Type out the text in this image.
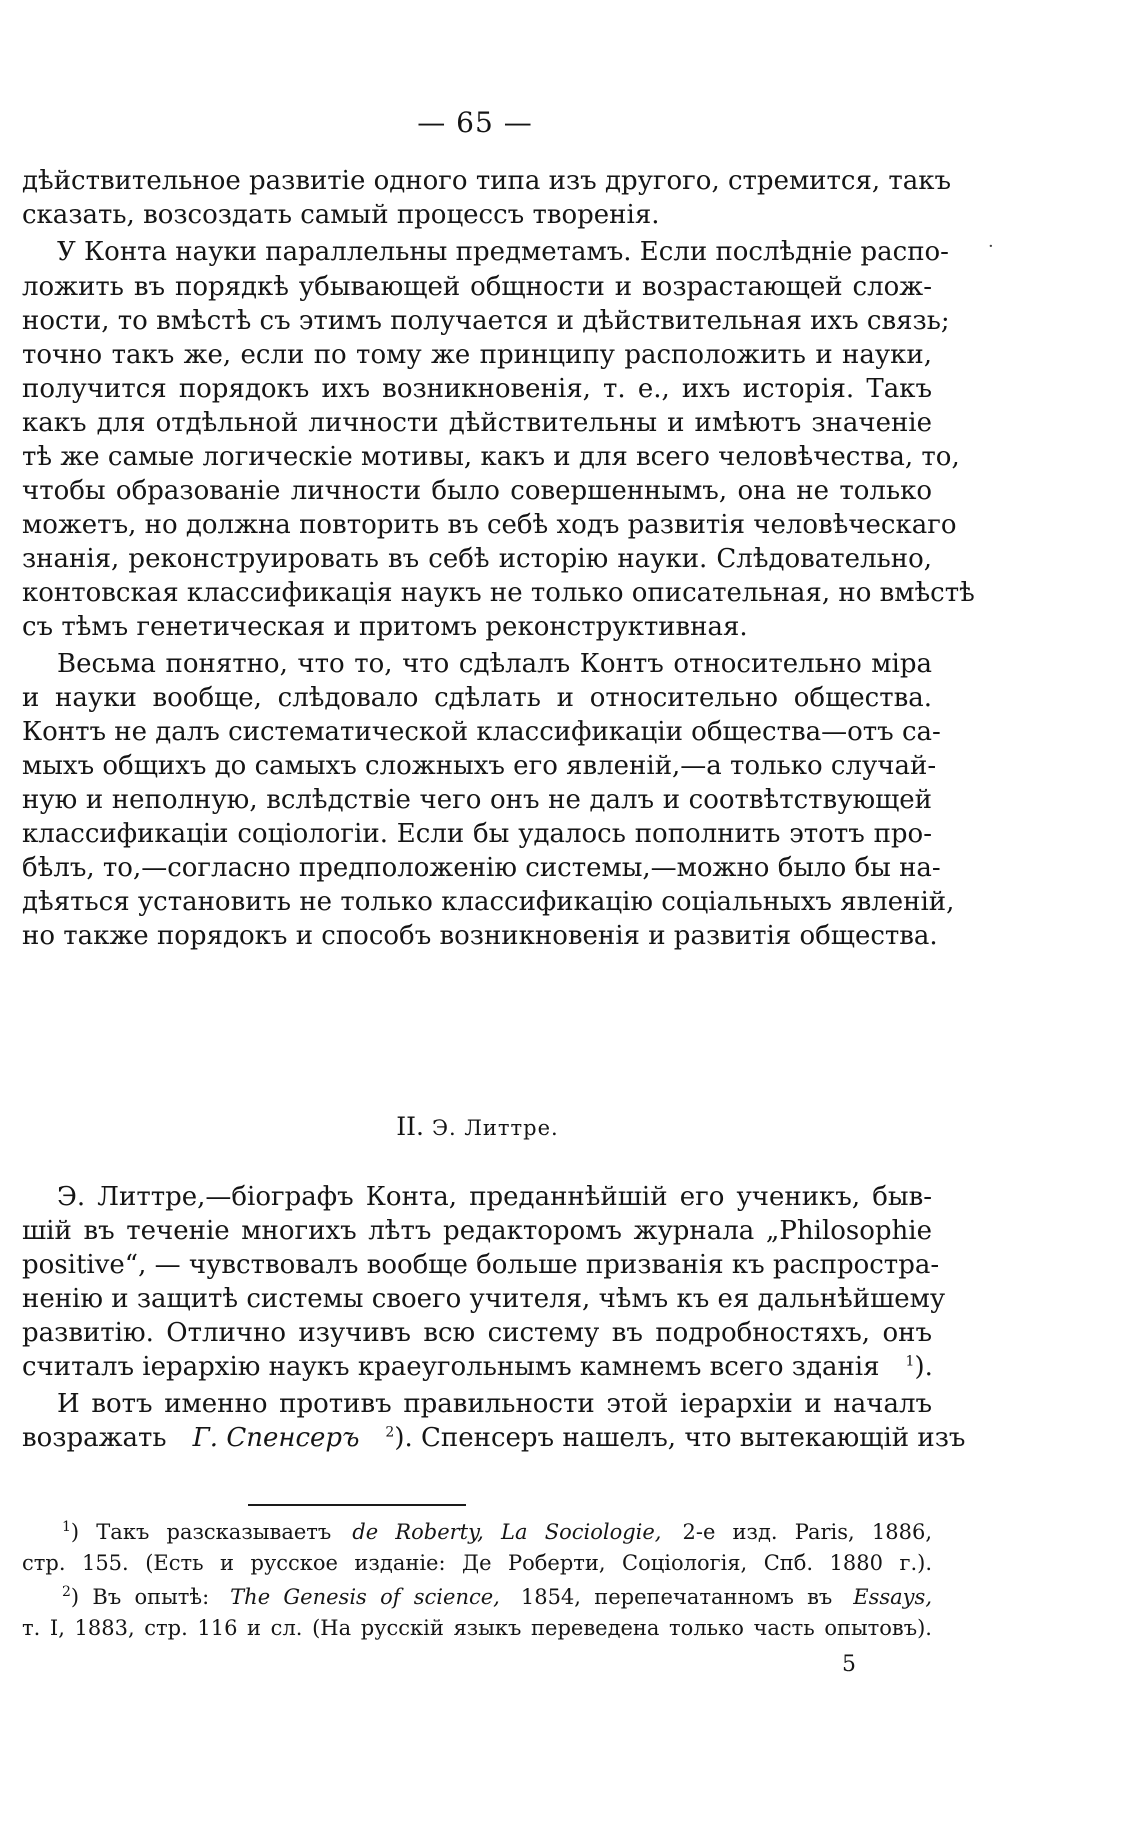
— 65 —
·
дѣйствительное развитіе одного типа изъ другого, стремится, такъ
сказать, возсоздать самый процессъ творенія.
У Конта науки параллельны предметамъ. Если послѣдніе распо-
ложить въ порядкѣ убывающей общности и возрастающей слож-
ности, то вмѣстѣ съ этимъ получается и дѣйствительная ихъ связь;
точно такъ же, если по тому же принципу расположить и науки,
получится порядокъ ихъ возникновенія, т. е., ихъ исторія. Такъ
какъ для отдѣльной личности дѣйствительны и имѣютъ значеніе
тѣ же самые логическіе мотивы, какъ и для всего человѣчества, то,
чтобы образованіе личности было совершеннымъ, она не только
можетъ, но должна повторить въ себѣ ходъ развитія человѣческаго
знанія, реконструировать въ себѣ исторію науки. Слѣдовательно,
контовская классификація наукъ не только описательная, но вмѣстѣ
съ тѣмъ генетическая и притомъ реконструктивная.
Весьма понятно, что то, что сдѣлалъ Контъ относительно міра
и науки вообще, слѣдовало сдѣлать и относительно общества.
Контъ не далъ систематической классификаціи общества—отъ са-
мыхъ общихъ до самыхъ сложныхъ его явленій,—а только случай-
ную и неполную, вслѣдствіе чего онъ не далъ и соотвѣтствующей
классификаціи соціологіи. Если бы удалось пополнить этотъ про-
бѣлъ, то,—согласно предположенію системы,—можно было бы на-
дѣяться установить не только классификацію соціальныхъ явленій,
но также порядокъ и способъ возникновенія и развитія общества.
II. Э. Литтре.
Э. Литтре,—біографъ Конта, преданнѣйшій его ученикъ, быв-
шій въ теченіе многихъ лѣтъ редакторомъ журнала „Philosophie
positive“, — чувствовалъ вообще больше призванія къ распростра-
ненію и защитѣ системы своего учителя, чѣмъ къ ея дальнѣйшему
развитію. Отлично изучивъ всю систему въ подробностяхъ, онъ
считалъ іерархію наукъ краеугольнымъ камнемъ всего зданія  $^1$).
И вотъ именно противъ правильности этой іерархіи и началъ
возражать  Г. Спенсеръ  $^2$). Спенсеръ нашелъ, что вытекающій изъ
$^1$) Такъ разсказываетъ  de Roberty, La Sociologie,  2-е изд. Paris, 1886,
стр. 155. (Есть и русское изданіе: Де Роберти, Соціологія, Спб. 1880 г.).
$^2$) Въ опытѣ:  The Genesis of science,  1854, перепечатанномъ въ  Essays,
т. I, 1883, стр. 116 и сл. (На русскій языкъ переведена только часть опытовъ).
5
